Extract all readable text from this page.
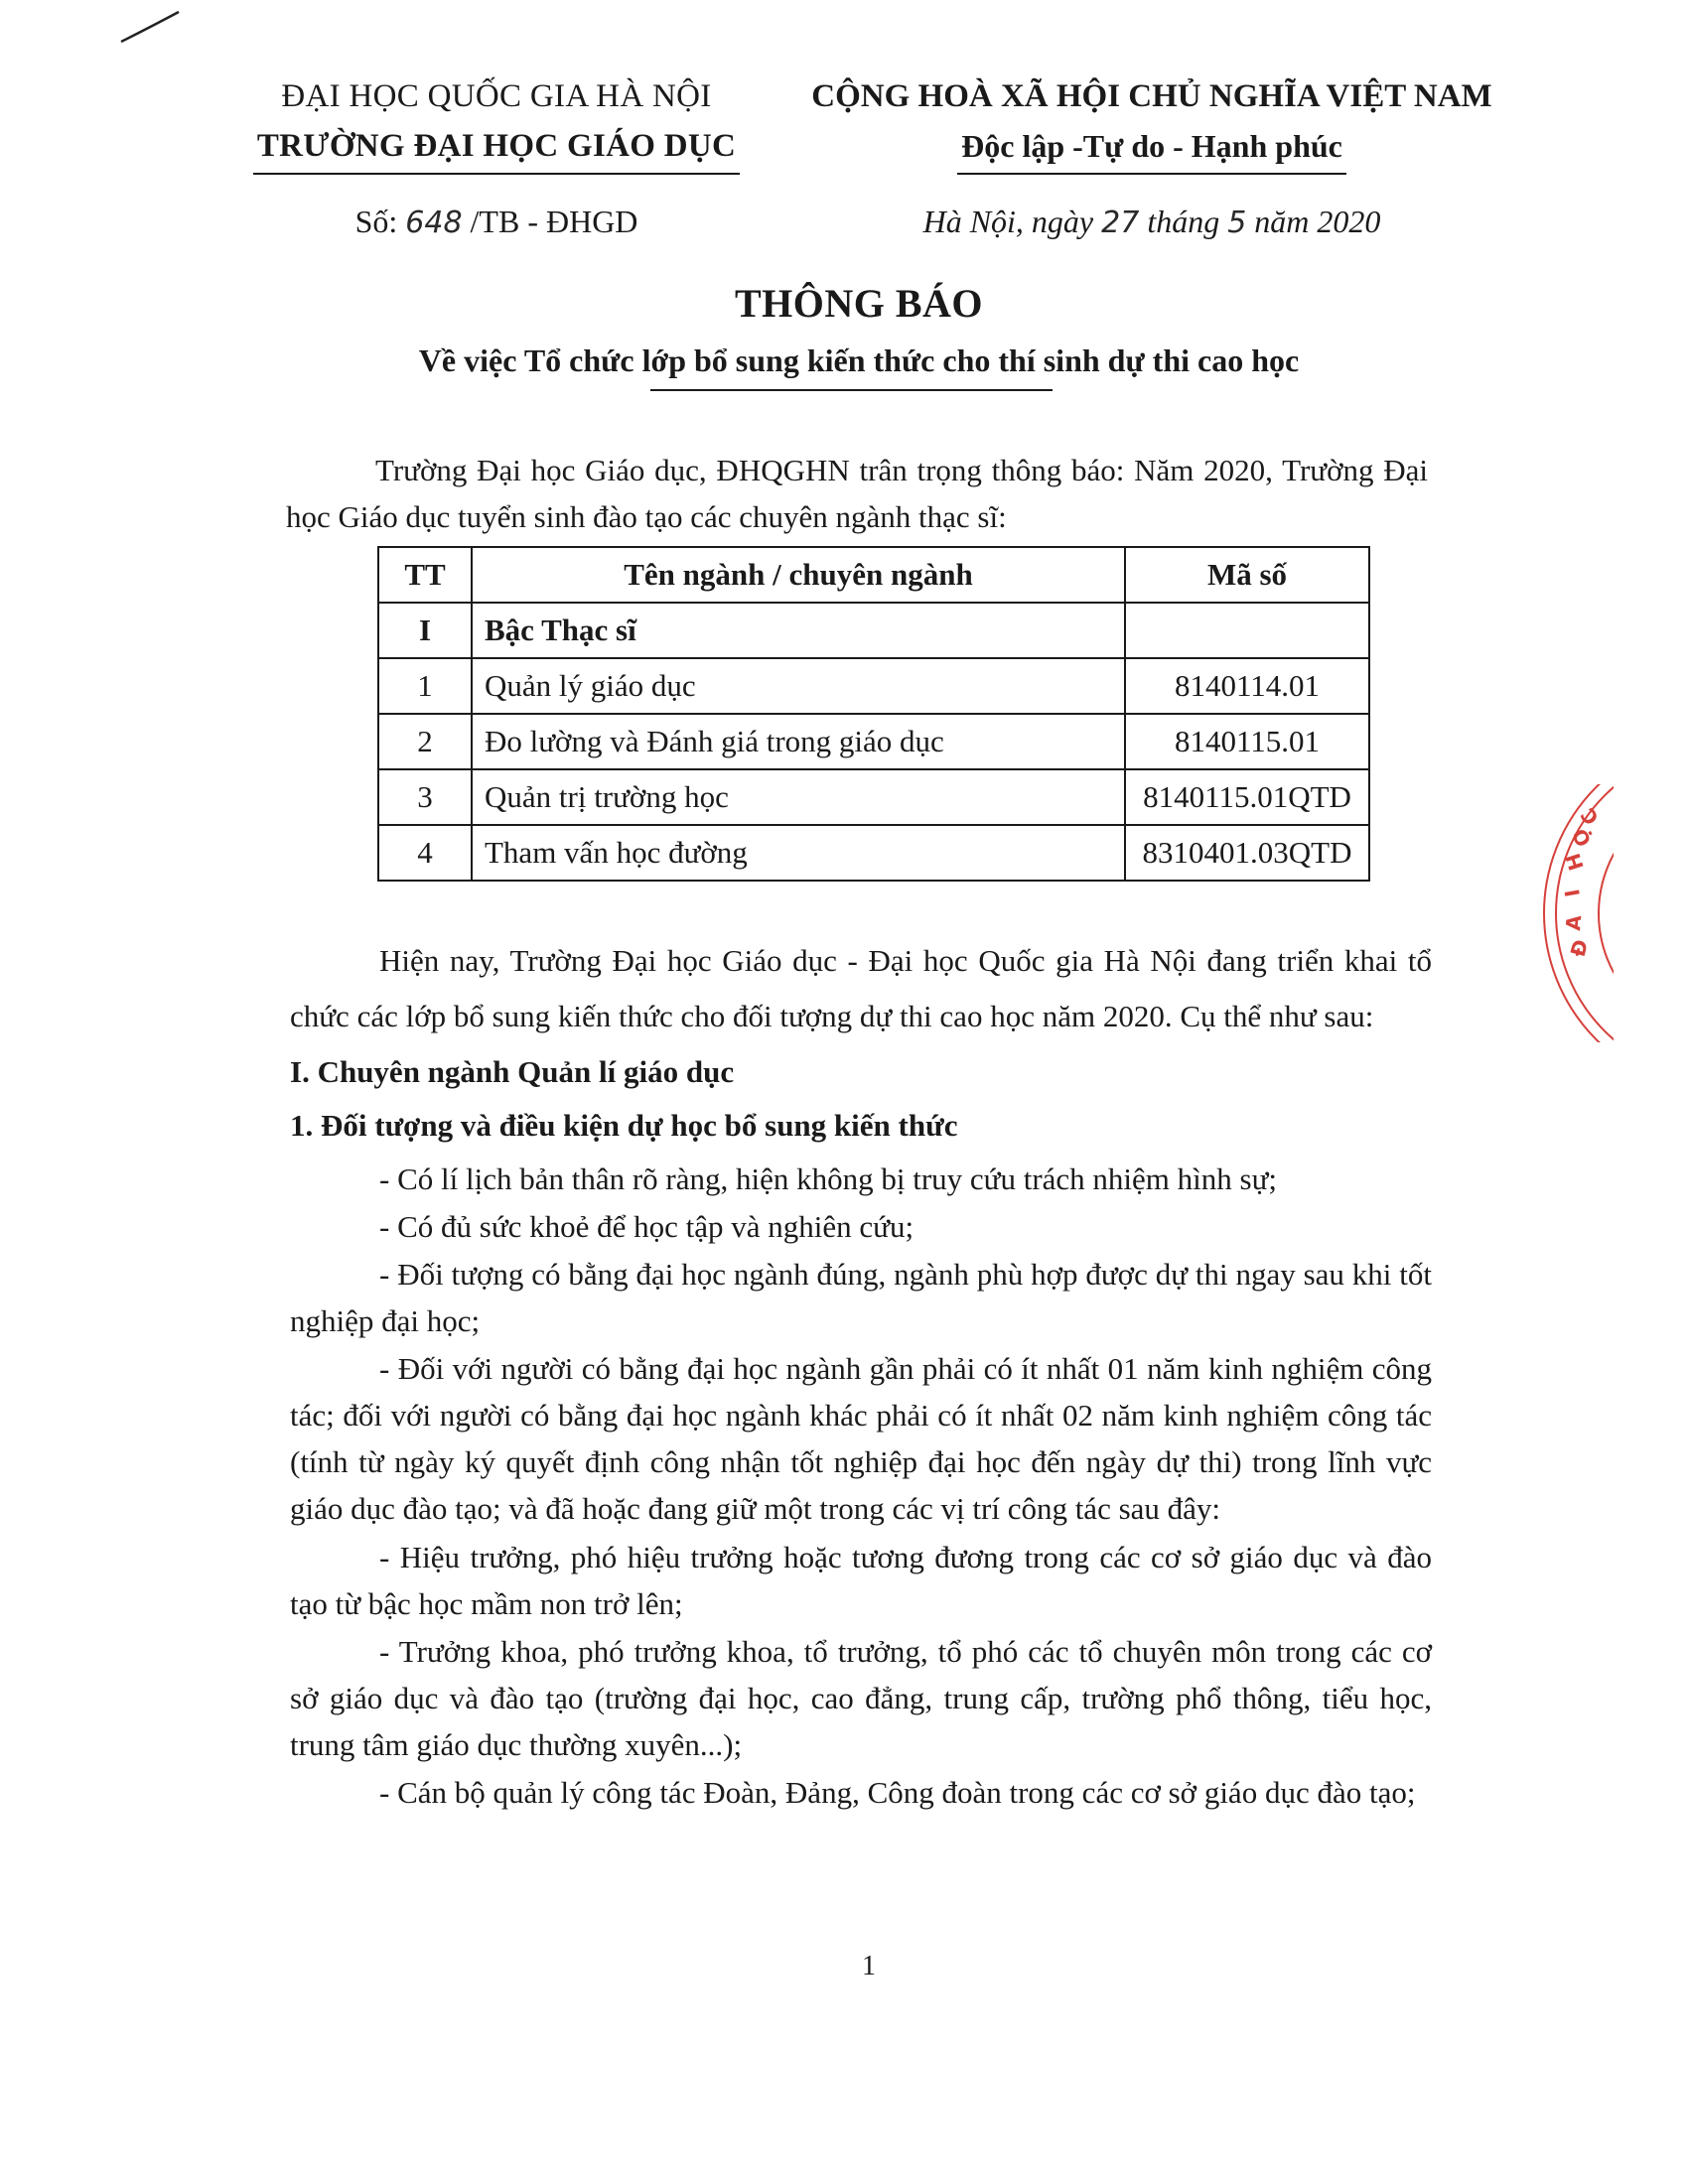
ĐẠI HỌC QUỐC GIA HÀ NỘI
TRƯỜNG ĐẠI HỌC GIÁO DỤC
Số: 648 /TB - ĐHGD
CỘNG HOÀ XÃ HỘI CHỦ NGHĨA VIỆT NAM
Độc lập -Tự do - Hạnh phúc
Hà Nội, ngày 27 tháng 5 năm 2020
THÔNG BÁO
Về việc Tổ chức lớp bổ sung kiến thức cho thí sinh dự thi cao học
Trường Đại học Giáo dục, ĐHQGHN trân trọng thông báo: Năm 2020, Trường Đại học Giáo dục tuyển sinh đào tạo các chuyên ngành thạc sĩ:
TT	Tên ngành / chuyên ngành	Mã số
I	Bậc Thạc sĩ	
1	Quản lý giáo dục	8140114.01
2	Đo lường và Đánh giá trong giáo dục	8140115.01
3	Quản trị trường học	8140115.01QTD
4	Tham vấn học đường	8310401.03QTD
Hiện nay, Trường Đại học Giáo dục - Đại học Quốc gia Hà Nội đang triển khai tổ chức các lớp bổ sung kiến thức cho đối tượng dự thi cao học năm 2020. Cụ thể như sau:
I. Chuyên ngành Quản lí giáo dục
1. Đối tượng và điều kiện dự học bổ sung kiến thức
- Có lí lịch bản thân rõ ràng, hiện không bị truy cứu trách nhiệm hình sự;
- Có đủ sức khoẻ để học tập và nghiên cứu;
- Đối tượng có bằng đại học ngành đúng, ngành phù hợp được dự thi ngay sau khi tốt nghiệp đại học;
- Đối với người có bằng đại học ngành gần phải có ít nhất 01 năm kinh nghiệm công tác; đối với người có bằng đại học ngành khác phải có ít nhất 02 năm kinh nghiệm công tác (tính từ ngày ký quyết định công nhận tốt nghiệp đại học đến ngày dự thi) trong lĩnh vực giáo dục đào tạo; và đã hoặc đang giữ một trong các vị trí công tác sau đây:
- Hiệu trưởng, phó hiệu trưởng hoặc tương đương trong các cơ sở giáo dục và đào tạo từ bậc học mầm non trở lên;
- Trưởng khoa, phó trưởng khoa, tổ trưởng, tổ phó các tổ chuyên môn trong các cơ sở giáo dục và đào tạo (trường đại học, cao đẳng, trung cấp, trường phổ thông, tiểu học, trung tâm giáo dục thường xuyên...);
- Cán bộ quản lý công tác Đoàn, Đảng, Công đoàn trong các cơ sở giáo dục đào tạo;
1
Đ
A
I
H
Ọ
C
